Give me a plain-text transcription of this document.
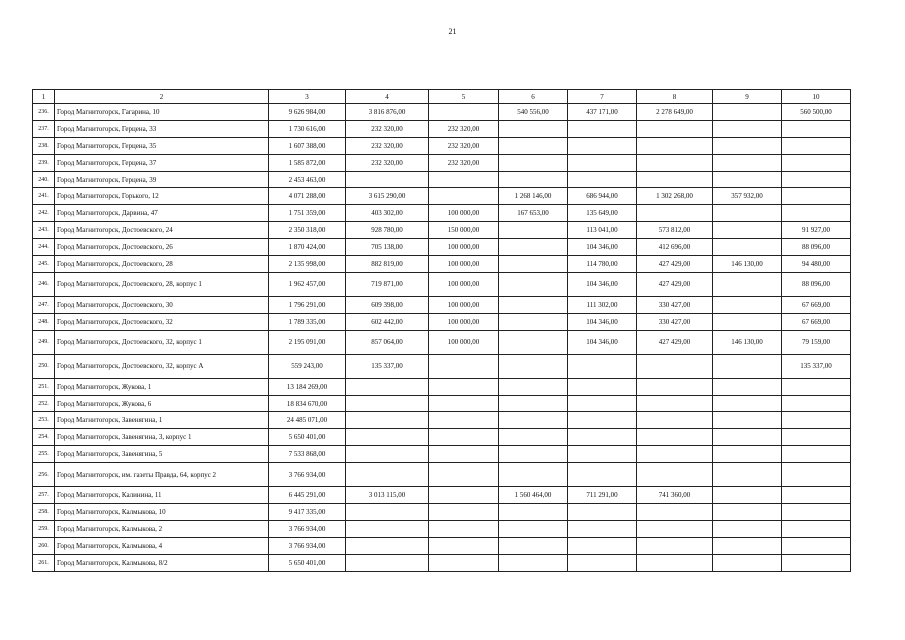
21
1	2	3	4	5	6	7	8	9	10
236.	Город Магнитогорск, Гагарина, 10	9 626 984,00	3 816 876,00		540 556,00	437 171,00	2 278 649,00		560 500,00
237.	Город Магнитогорск, Герцена, 33	1 730 616,00	232 320,00	232 320,00					
238.	Город Магнитогорск, Герцена, 35	1 607 388,00	232 320,00	232 320,00					
239.	Город Магнитогорск, Герцена, 37	1 585 872,00	232 320,00	232 320,00					
240.	Город Магнитогорск, Герцена, 39	2 453 463,00							
241.	Город Магнитогорск, Горького, 12	4 071 288,00	3 615 290,00		1 268 146,00	686 944,00	1 302 268,00	357 932,00	
242.	Город Магнитогорск, Дарвина, 47	1 751 359,00	403 302,00	100 000,00	167 653,00	135 649,00			
243.	Город Магнитогорск, Достоевского, 24	2 350 318,00	928 780,00	150 000,00		113 041,00	573 812,00		91 927,00
244.	Город Магнитогорск, Достоевского, 26	1 870 424,00	705 138,00	100 000,00		104 346,00	412 696,00		88 096,00
245.	Город Магнитогорск, Достоевского, 28	2 135 998,00	882 819,00	100 000,00		114 780,00	427 429,00	146 130,00	94 480,00
246.	Город Магнитогорск, Достоевского, 28, корпус 1	1 962 457,00	719 871,00	100 000,00		104 346,00	427 429,00		88 096,00
247.	Город Магнитогорск, Достоевского, 30	1 796 291,00	609 398,00	100 000,00		111 302,00	330 427,00		67 669,00
248.	Город Магнитогорск, Достоевского, 32	1 789 335,00	602 442,00	100 000,00		104 346,00	330 427,00		67 669,00
249.	Город Магнитогорск, Достоевского, 32, корпус 1	2 195 091,00	857 064,00	100 000,00		104 346,00	427 429,00	146 130,00	79 159,00
250.	Город Магнитогорск, Достоевского, 32, корпус А	559 243,00	135 337,00						135 337,00
251.	Город Магнитогорск, Жукова, 1	13 184 269,00							
252.	Город Магнитогорск, Жукова, 6	18 834 670,00							
253.	Город Магнитогорск, Завенягина, 1	24 485 071,00							
254.	Город Магнитогорск, Завенягина, 3, корпус 1	5 650 401,00							
255.	Город Магнитогорск, Завенягина, 5	7 533 868,00							
256.	Город Магнитогорск, им. газеты Правда, 64, корпус 2	3 766 934,00							
257.	Город Магнитогорск, Калинина, 11	6 445 291,00	3 013 115,00		1 560 464,00	711 291,00	741 360,00		
258.	Город Магнитогорск, Калмыкова, 10	9 417 335,00							
259.	Город Магнитогорск, Калмыкова, 2	3 766 934,00							
260.	Город Магнитогорск, Калмыкова, 4	3 766 934,00							
261.	Город Магнитогорск, Калмыкова, 8/2	5 650 401,00							
